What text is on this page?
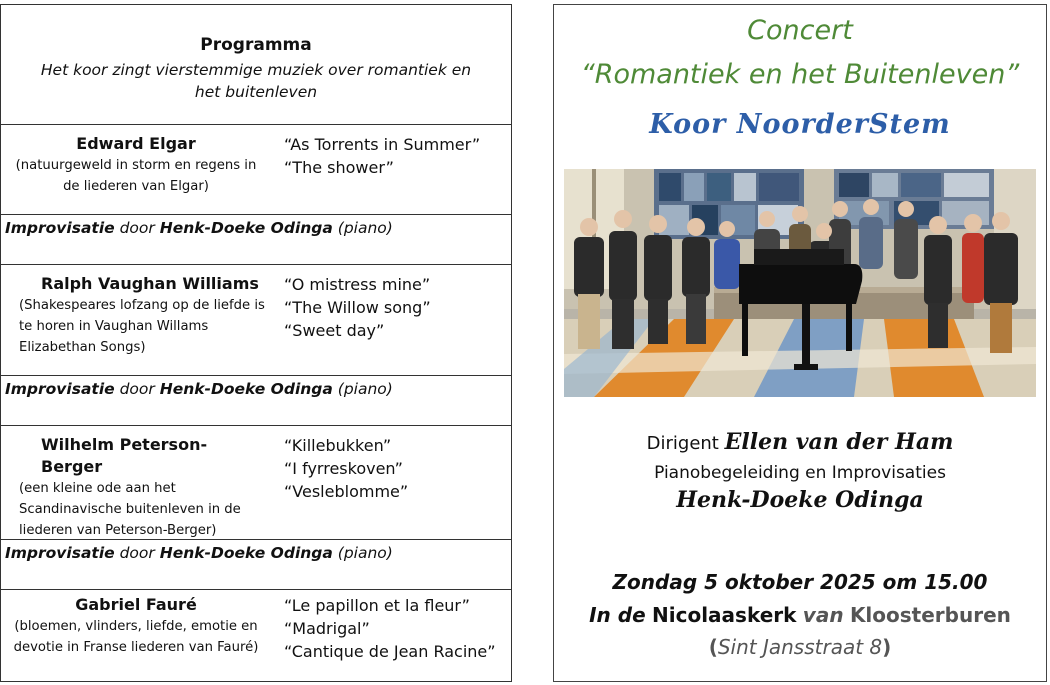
Programma
Het koor zingt vierstemmige muziek over romantiek en het buitenleven
Edward Elgar
(natuurgeweld in storm en regens in de liederen van Elgar)
“As Torrents in Summer”
“The shower”
Improvisatie door Henk-Doeke Odinga (piano)
Ralph Vaughan Williams
(Shakespeares lofzang op de liefde is te horen in Vaughan Willams Elizabethan Songs)
“O mistress mine”
“The Willow song”
“Sweet day”
Improvisatie door Henk-Doeke Odinga (piano)
Wilhelm Peterson-Berger
(een kleine ode aan het Scandinavische buitenleven in de liederen van Peterson-Berger)
“Killebukken”
“I fyrreskoven”
“Vesleblomme”
Improvisatie door Henk-Doeke Odinga (piano)
Gabriel Fauré
(bloemen, vlinders, liefde, emotie en devotie in Franse liederen van Fauré)
“Le papillon et la fleur”
“Madrigal”
“Cantique de Jean Racine”
Concert
“Romantiek en het Buitenleven”
Koor NoorderStem
Dirigent Ellen van der Ham
Pianobegeleiding en Improvisaties
Henk-Doeke Odinga
Zondag 5 oktober 2025 om 15.00
In de Nicolaaskerk van Kloosterburen
(Sint Jansstraat 8)
